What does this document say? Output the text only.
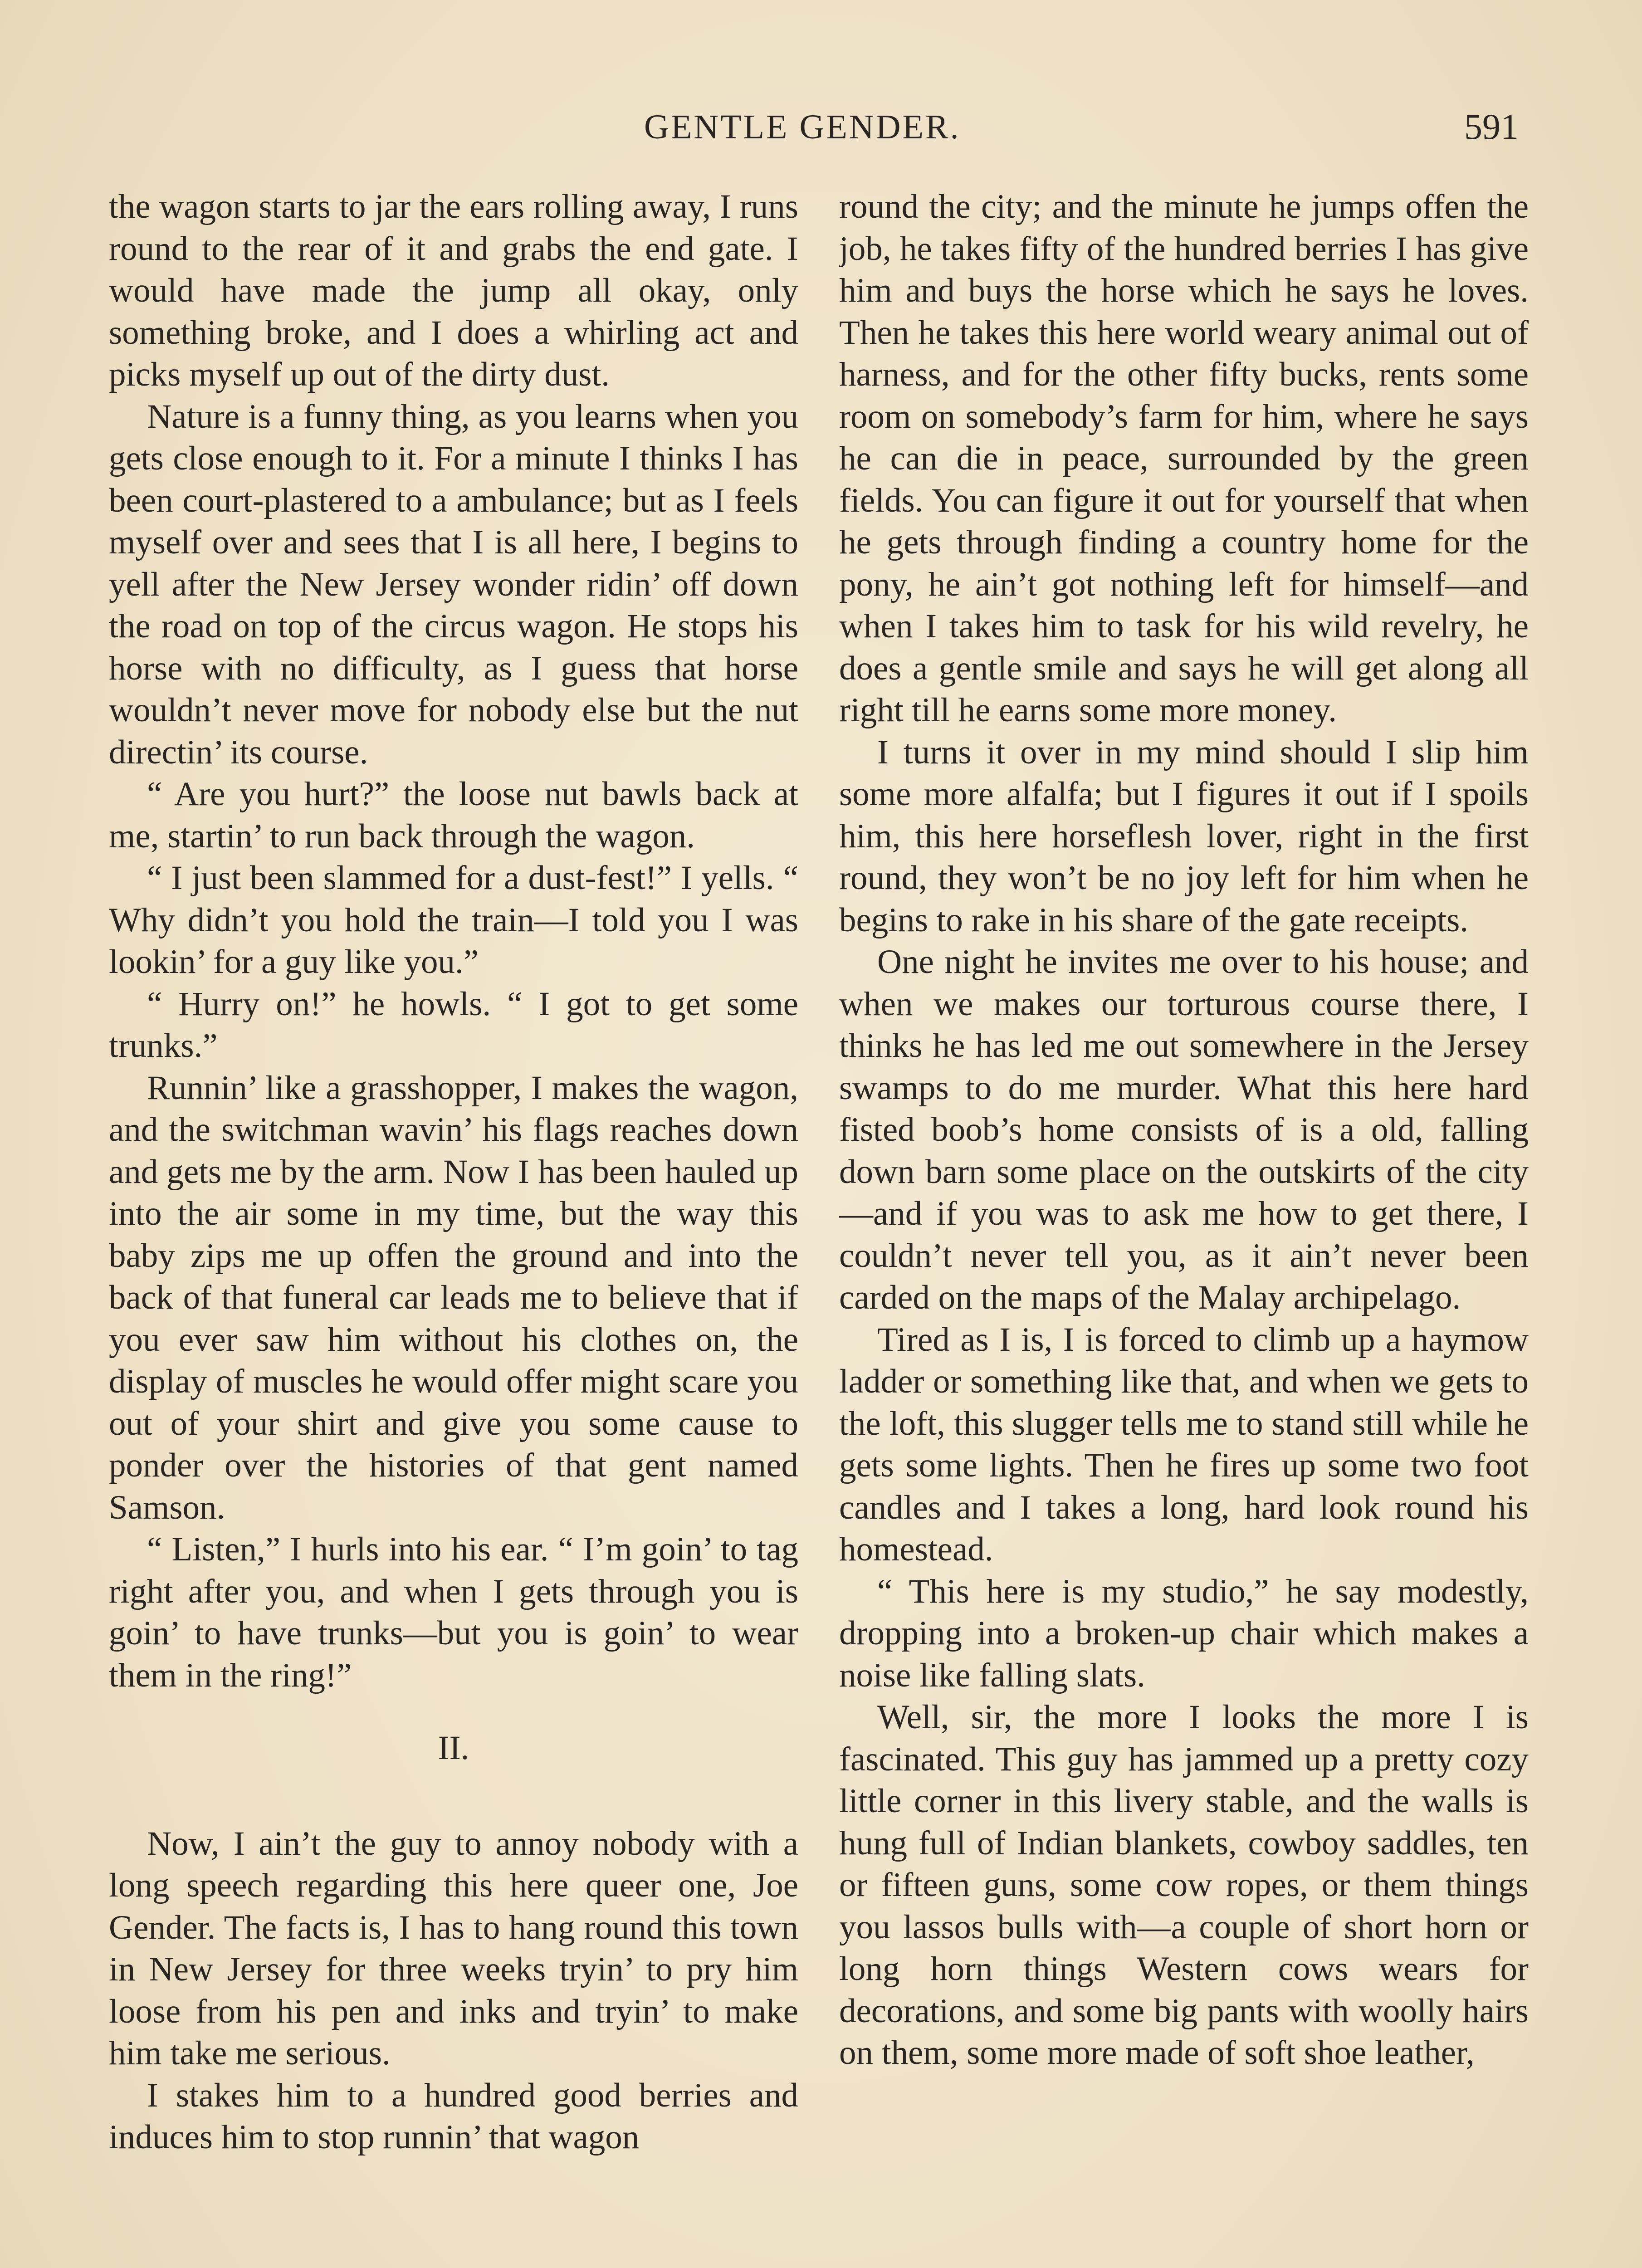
GENTLE GENDER.	591

the wagon starts to jar the ears rolling away, I runs round to the rear of it and grabs the end gate. I would have made the jump all okay, only something broke, and I does a whirling act and picks myself up out of the dirty dust.

Nature is a funny thing, as you learns when you gets close enough to it. For a minute I thinks I has been court-plastered to a ambulance; but as I feels myself over and sees that I is all here, I begins to yell after the New Jersey wonder ridin’ off down the road on top of the circus wagon. He stops his horse with no difficulty, as I guess that horse wouldn’t never move for nobody else but the nut directin’ its course.

“ Are you hurt?” the loose nut bawls back at me, startin’ to run back through the wagon.

“ I just been slammed for a dust-fest!” I yells. “ Why didn’t you hold the train—I told you I was lookin’ for a guy like you.”

“ Hurry on!” he howls. “ I got to get some trunks.”

Runnin’ like a grasshopper, I makes the wagon, and the switchman wavin’ his flags reaches down and gets me by the arm. Now I has been hauled up into the air some in my time, but the way this baby zips me up offen the ground and into the back of that funeral car leads me to believe that if you ever saw him without his clothes on, the display of muscles he would offer might scare you out of your shirt and give you some cause to ponder over the histories of that gent named Samson.

“ Listen,” I hurls into his ear. “ I’m goin’ to tag right after you, and when I gets through you is goin’ to have trunks—but you is goin’ to wear them in the ring!”

II.

Now, I ain’t the guy to annoy nobody with a long speech regarding this here queer one, Joe Gender. The facts is, I has to hang round this town in New Jersey for three weeks tryin’ to pry him loose from his pen and inks and tryin’ to make him take me serious.

I stakes him to a hundred good berries and induces him to stop runnin’ that wagon

round the city; and the minute he jumps offen the job, he takes fifty of the hundred berries I has give him and buys the horse which he says he loves. Then he takes this here world weary animal out of harness, and for the other fifty bucks, rents some room on somebody’s farm for him, where he says he can die in peace, surrounded by the green fields. You can figure it out for yourself that when he gets through finding a country home for the pony, he ain’t got nothing left for himself—and when I takes him to task for his wild revelry, he does a gentle smile and says he will get along all right till he earns some more money.

I turns it over in my mind should I slip him some more alfalfa; but I figures it out if I spoils him, this here horseflesh lover, right in the first round, they won’t be no joy left for him when he begins to rake in his share of the gate receipts.

One night he invites me over to his house; and when we makes our torturous course there, I thinks he has led me out somewhere in the Jersey swamps to do me murder. What this here hard fisted boob’s home consists of is a old, falling down barn some place on the outskirts of the city—and if you was to ask me how to get there, I couldn’t never tell you, as it ain’t never been carded on the maps of the Malay archipelago.

Tired as I is, I is forced to climb up a haymow ladder or something like that, and when we gets to the loft, this slugger tells me to stand still while he gets some lights. Then he fires up some two foot candles and I takes a long, hard look round his homestead.

“ This here is my studio,” he say modestly, dropping into a broken-up chair which makes a noise like falling slats.

Well, sir, the more I looks the more I is fascinated. This guy has jammed up a pretty cozy little corner in this livery stable, and the walls is hung full of Indian blankets, cowboy saddles, ten or fifteen guns, some cow ropes, or them things you lassos bulls with—a couple of short horn or long horn things Western cows wears for decorations, and some big pants with woolly hairs on them, some more made of soft shoe leather,
